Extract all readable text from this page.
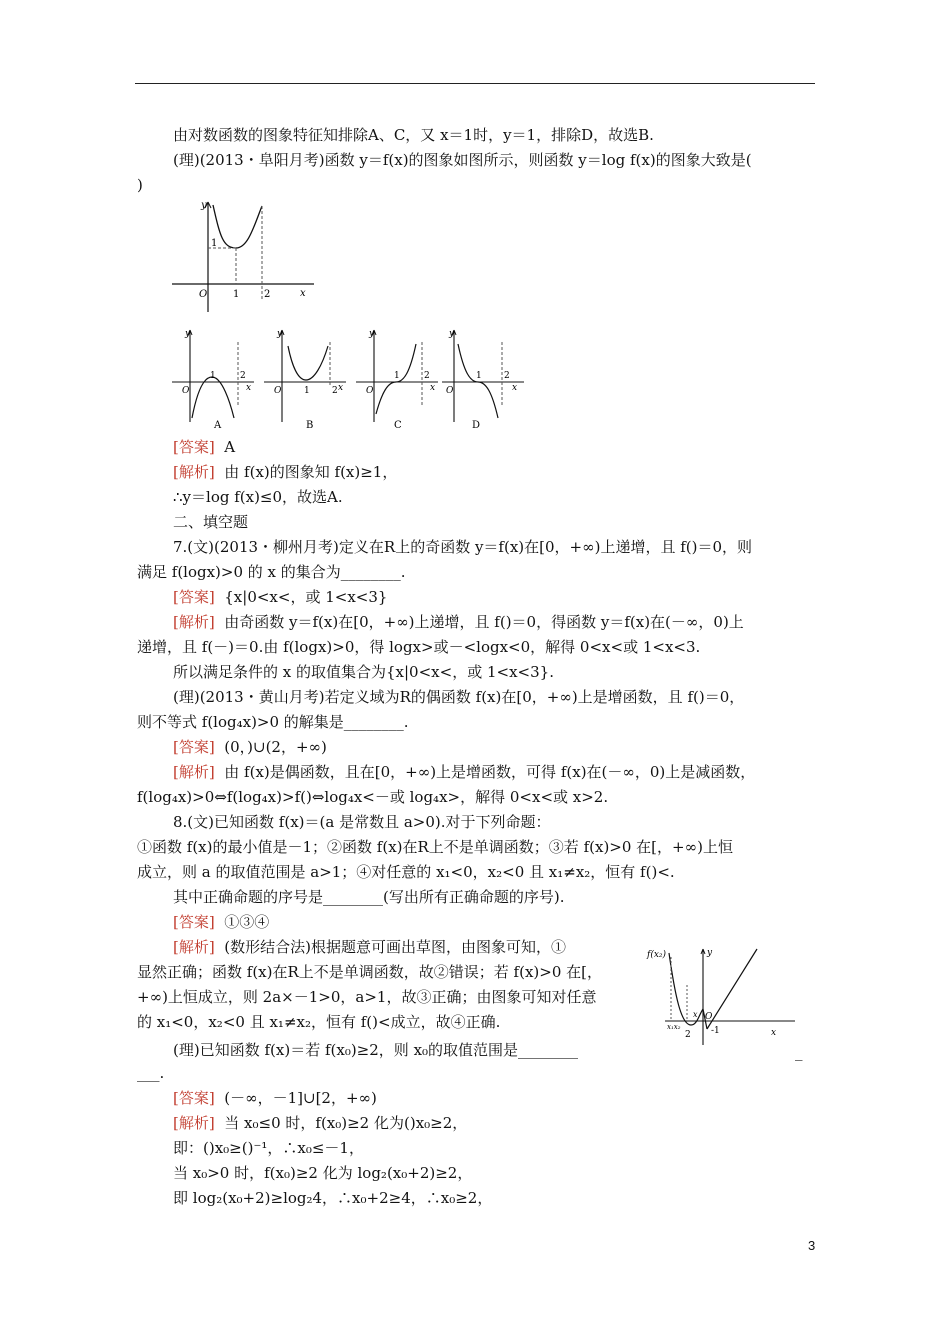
由对数函数的图象特征知排除A、C，又 x＝1时，y＝1，排除D，故选B.
(理)(2013・阜阳月考)函数 y＝f(x)的图象如图所示，则函数 y＝log f(x)的图象大致是(
)
y
x
O	1 2
1
y
x
O
1	2
y
x
O	1 2
y
x
O
1	2
y
x
O
1 2
A	B	C	D
[答案] A
[解析] 由 f(x)的图象知 f(x)≥1，
∴y＝log f(x)≤0，故选A.
二、填空题
7.(文)(2013・柳州月考)定义在R上的奇函数 y＝f(x)在[0，+∞)上递增，且 f()＝0，则
满足 f(logx)>0 的 x 的集合为________.
[答案] {x|0<x<，或 1<x<3}
[解析] 由奇函数 y＝f(x)在[0，+∞)上递增，且 f()＝0，得函数 y＝f(x)在(－∞，0)上
递增，且 f(－)＝0.由 f(logx)>0，得 logx>或－<logx<0，解得 0<x<或 1<x<3.
所以满足条件的 x 的取值集合为{x|0<x<，或 1<x<3}.
(理)(2013・黄山月考)若定义域为R的偶函数 f(x)在[0，+∞)上是增函数，且 f()＝0，
则不等式 f(log₄x)>0 的解集是________.
[答案] (0，)∪(2，+∞)
[解析] 由 f(x)是偶函数，且在[0，+∞)上是增函数，可得 f(x)在(－∞，0)上是减函数，
f(log₄x)>0⇔f(log₄x)>f()⇔log₄x<－或 log₄x>，解得 0<x<或 x>2.
8.(文)已知函数 f(x)＝(a 是常数且 a>0).对于下列命题：
①函数 f(x)的最小值是－1；②函数 f(x)在R上不是单调函数；③若 f(x)>0 在[，+∞)上恒
成立，则 a 的取值范围是 a>1；④对任意的 x₁<0，x₂<0 且 x₁≠x₂，恒有 f()<.
其中正确命题的序号是________(写出所有正确命题的序号).
[答案] ①③④
[解析] (数形结合法)根据题意可画出草图，由图象可知，①
显然正确；函数 f(x)在R上不是单调函数，故②错误；若 f(x)>0 在[，
+∞)上恒成立，则 2a×－1>0，a>1，故③正确；由图象可知对任意
的 x₁<0，x₂<0 且 x₁≠x₂，恒有 f()<成立，故④正确.
f(x₂)	y
x
O
-1
2
x
x₁x₂
(理)已知函数 f(x)＝若 f(x₀)≥2，则 x₀的取值范围是________	_
___.
[答案] (－∞，－1]∪[2，+∞)
[解析] 当 x₀≤0 时，f(x₀)≥2 化为()x₀≥2，
即：()x₀≥()⁻¹，∴x₀≤－1，
当 x₀>0 时，f(x₀)≥2 化为 log₂(x₀+2)≥2，
即 log₂(x₀+2)≥log₂4，∴x₀+2≥4，∴x₀≥2，
3
